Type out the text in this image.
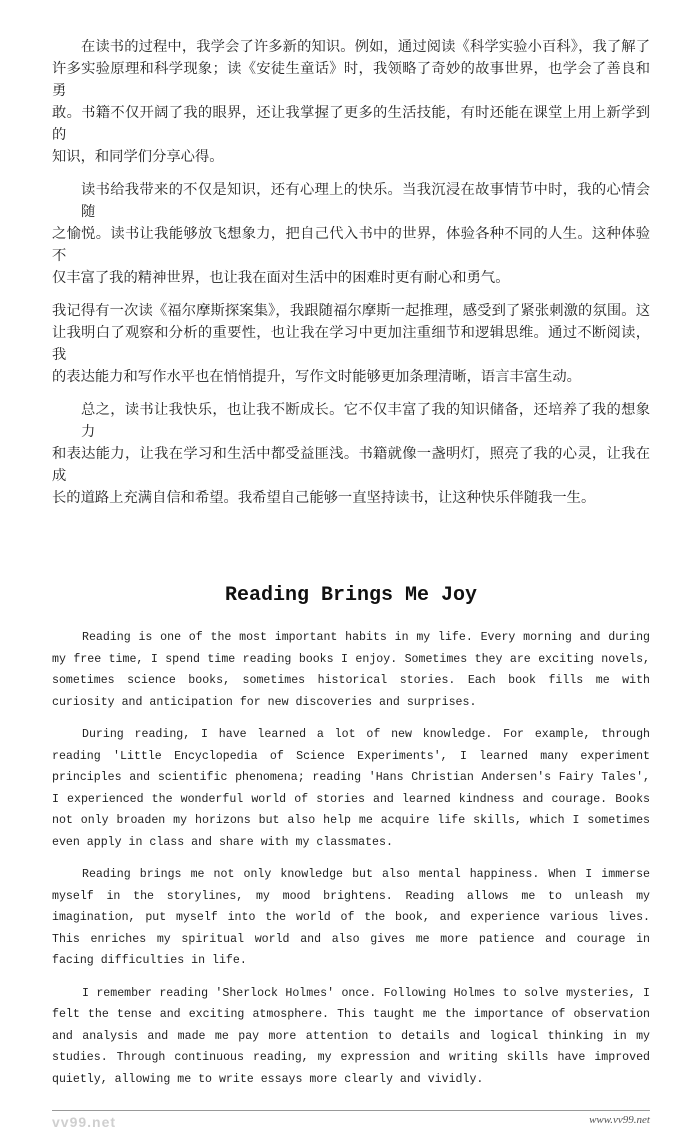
在读书的过程中，我学会了许多新的知识。例如，通过阅读《科学实验小百科》，我了解了
许多实验原理和科学现象；读《安徒生童话》时，我领略了奇妙的故事世界，也学会了善良和勇
敢。书籍不仅开阔了我的眼界，还让我掌握了更多的生活技能，有时还能在课堂上用上新学到的
知识，和同学们分享心得。
读书给我带来的不仅是知识，还有心理上的快乐。当我沉浸在故事情节中时，我的心情会随
之愉悦。读书让我能够放飞想象力，把自己代入书中的世界，体验各种不同的人生。这种体验不
仅丰富了我的精神世界，也让我在面对生活中的困难时更有耐心和勇气。
我记得有一次读《福尔摩斯探案集》，我跟随福尔摩斯一起推理，感受到了紧张刺激的氛围。这
让我明白了观察和分析的重要性，也让我在学习中更加注重细节和逻辑思维。通过不断阅读，我
的表达能力和写作水平也在悄悄提升，写作文时能够更加条理清晰，语言丰富生动。
总之，读书让我快乐，也让我不断成长。它不仅丰富了我的知识储备，还培养了我的想象力
和表达能力，让我在学习和生活中都受益匪浅。书籍就像一盏明灯，照亮了我的心灵，让我在成
长的道路上充满自信和希望。我希望自己能够一直坚持读书，让这种快乐伴随我一生。
Reading Brings Me Joy
Reading is one of the most important habits in my life. Every morning and during
my free time, I spend time reading books I enjoy. Sometimes they are exciting novels,
sometimes science books, sometimes historical stories. Each book fills me with
curiosity and anticipation for new discoveries and surprises.
During reading, I have learned a lot of new knowledge. For example, through
reading 'Little Encyclopedia of Science Experiments', I learned many experiment
principles and scientific phenomena; reading 'Hans Christian Andersen's Fairy Tales',
I experienced the wonderful world of stories and learned kindness and courage. Books
not only broaden my horizons but also help me acquire life skills, which I sometimes
even apply in class and share with my classmates.
Reading brings me not only knowledge but also mental happiness. When I immerse
myself in the storylines, my mood brightens. Reading allows me to unleash my
imagination, put myself into the world of the book, and experience various lives.
This enriches my spiritual world and also gives me more patience and courage in
facing difficulties in life.
I remember reading 'Sherlock Holmes' once. Following Holmes to solve mysteries, I
felt the tense and exciting atmosphere. This taught me the importance of observation
and analysis and made me pay more attention to details and logical thinking in my
studies. Through continuous reading, my expression and writing skills have improved
quietly, allowing me to write essays more clearly and vividly.
vv99.net	www.vv99.net
